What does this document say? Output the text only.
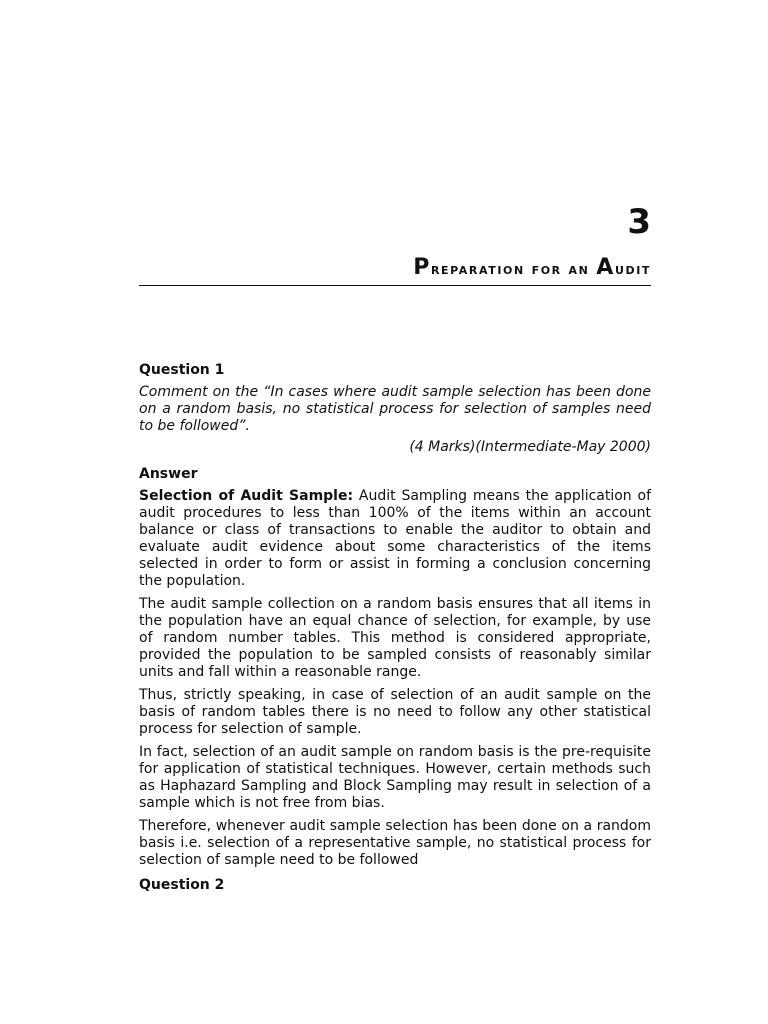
3
Preparation for an Audit
Question 1
Comment on the “In cases where audit sample selection has been done on a random basis, no statistical process for selection of samples need to be followed”.
(4 Marks)(Intermediate-May 2000)
Answer
Selection of Audit Sample: Audit Sampling means the application of audit procedures to less than 100% of the items within an account balance or class of transactions to enable the auditor to obtain and evaluate audit evidence about some characteristics of the items selected in order to form or assist in forming a conclusion concerning the population.
The audit sample collection on a random basis ensures that all items in the population have an equal chance of selection, for example, by use of random number tables. This method is considered appropriate, provided the population to be sampled consists of reasonably similar units and fall within a reasonable range.
Thus, strictly speaking, in case of selection of an audit sample on the basis of random tables there is no need to follow any other statistical process for selection of sample.
In fact, selection of an audit sample on random basis is the pre-requisite for application of statistical techniques. However, certain methods such as Haphazard Sampling and Block Sampling may result in selection of a sample which is not free from bias.
Therefore, whenever audit sample selection has been done on a random basis i.e. selection of a representative sample, no statistical process for selection of sample need to be followed
Question 2
